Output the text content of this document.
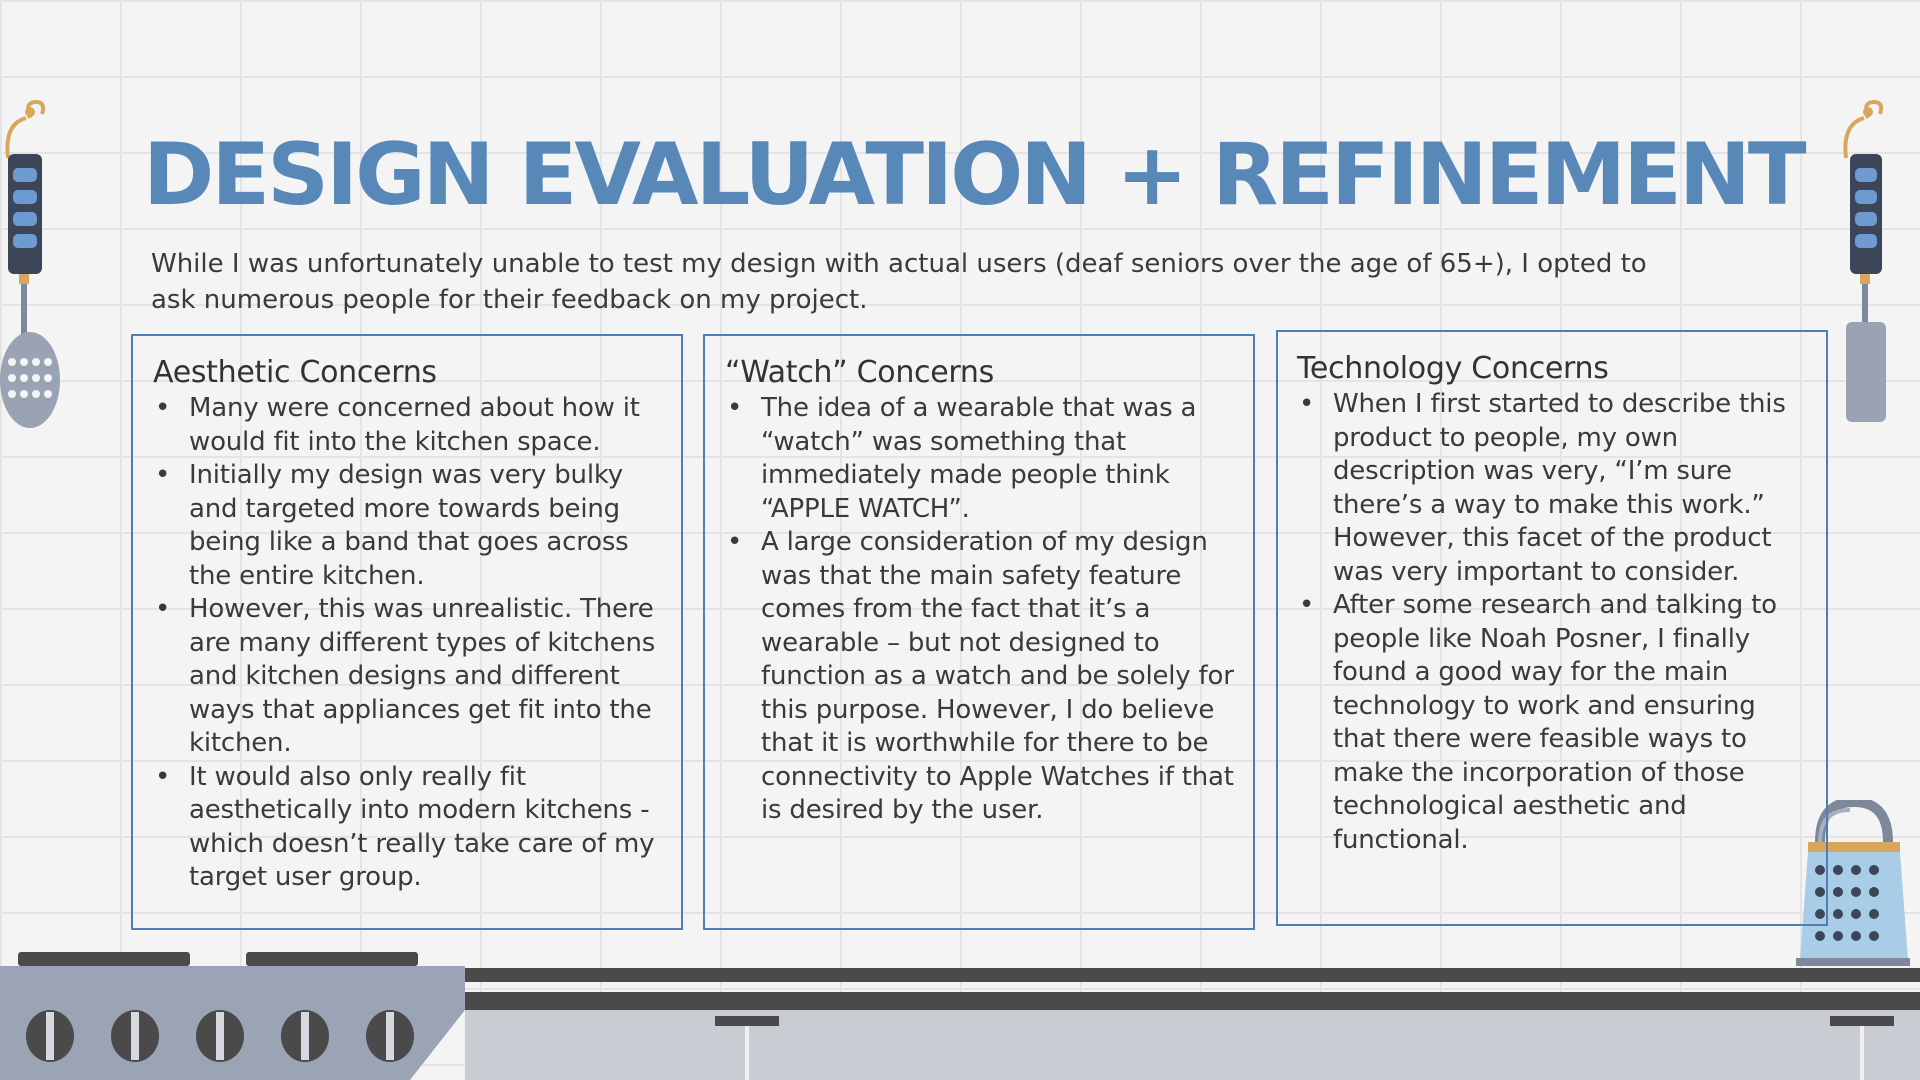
DESIGN EVALUATION + REFINEMENT
While I was unfortunately unable to test my design with actual users (deaf seniors over the age of 65+), I opted to ask numerous people for their feedback on my project.
Aesthetic Concerns
• Many were concerned about how it would fit into the kitchen space.
• Initially my design was very bulky and targeted more towards being being like a band that goes across the entire kitchen.
• However, this was unrealistic. There are many different types of kitchens and kitchen designs and different ways that appliances get fit into the kitchen.
• It would also only really fit aesthetically into modern kitchens - which doesn’t really take care of my target user group.
“Watch” Concerns
• The idea of a wearable that was a “watch” was something that immediately made people think “APPLE WATCH”.
• A large consideration of my design was that the main safety feature comes from the fact that it’s a wearable – but not designed to function as a watch and be solely for this purpose. However, I do believe that it is worthwhile for there to be connectivity to Apple Watches if that is desired by the user.
Technology Concerns
• When I first started to describe this product to people, my own description was very, “I’m sure there’s a way to make this work.” However, this facet of the product was very important to consider.
• After some research and talking to people like Noah Posner, I finally found a good way for the main technology to work and ensuring that there were feasible ways to make the incorporation of those technological aesthetic and functional.
